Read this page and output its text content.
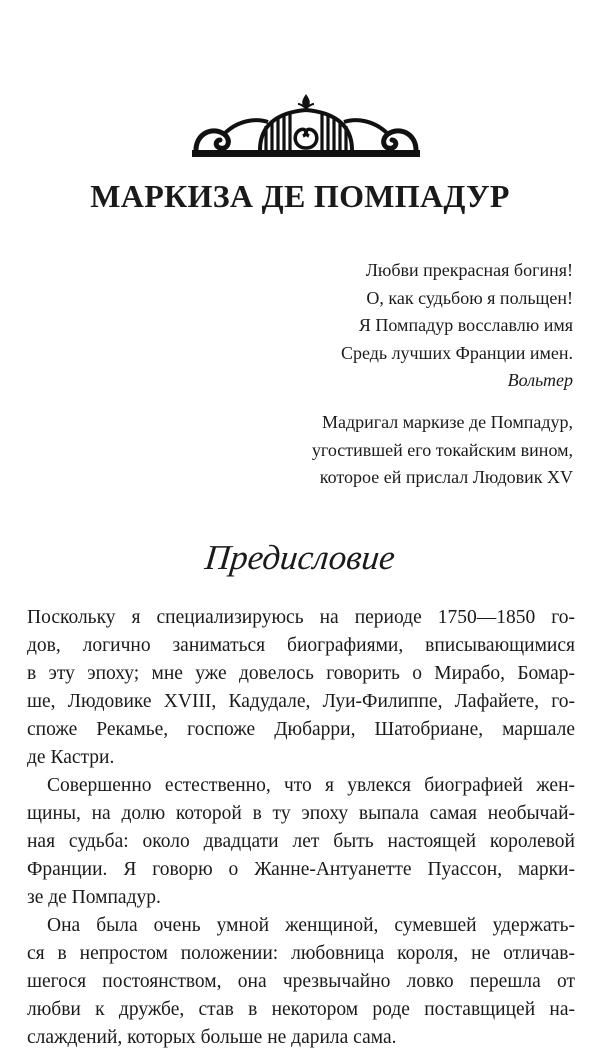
МАРКИЗА ДЕ ПОМПАДУР
Любви прекрасная богиня!
О, как судьбою я польщен!
Я Помпадур восславлю имя
Средь лучших Франции имен.
Вольтер
Мадригал маркизе де Помпадур,
угостившей его токайским вином,
которое ей прислал Людовик XV
Предисловие
Поскольку я специализируюсь на периоде 1750—1850 го-
дов, логично заниматься биографиями, вписывающимися
в эту эпоху; мне уже довелось говорить о Мирабо, Бомар-
ше, Людовике XVIII, Кадудале, Луи-Филиппе, Лафайете, го-
споже Рекамье, госпоже Дюбарри, Шатобриане, маршале
де Кастри.
Совершенно естественно, что я увлекся биографией жен-
щины, на долю которой в ту эпоху выпала самая необычай-
ная судьба: около двадцати лет быть настоящей королевой
Франции. Я говорю о Жанне-Антуанетте Пуассон, марки-
зе де Помпадур.
Она была очень умной женщиной, сумевшей удержать-
ся в непростом положении: любовница короля, не отличав-
шегося постоянством, она чрезвычайно ловко перешла от
любви к дружбе, став в некотором роде поставщицей на-
слаждений, которых больше не дарила сама.
